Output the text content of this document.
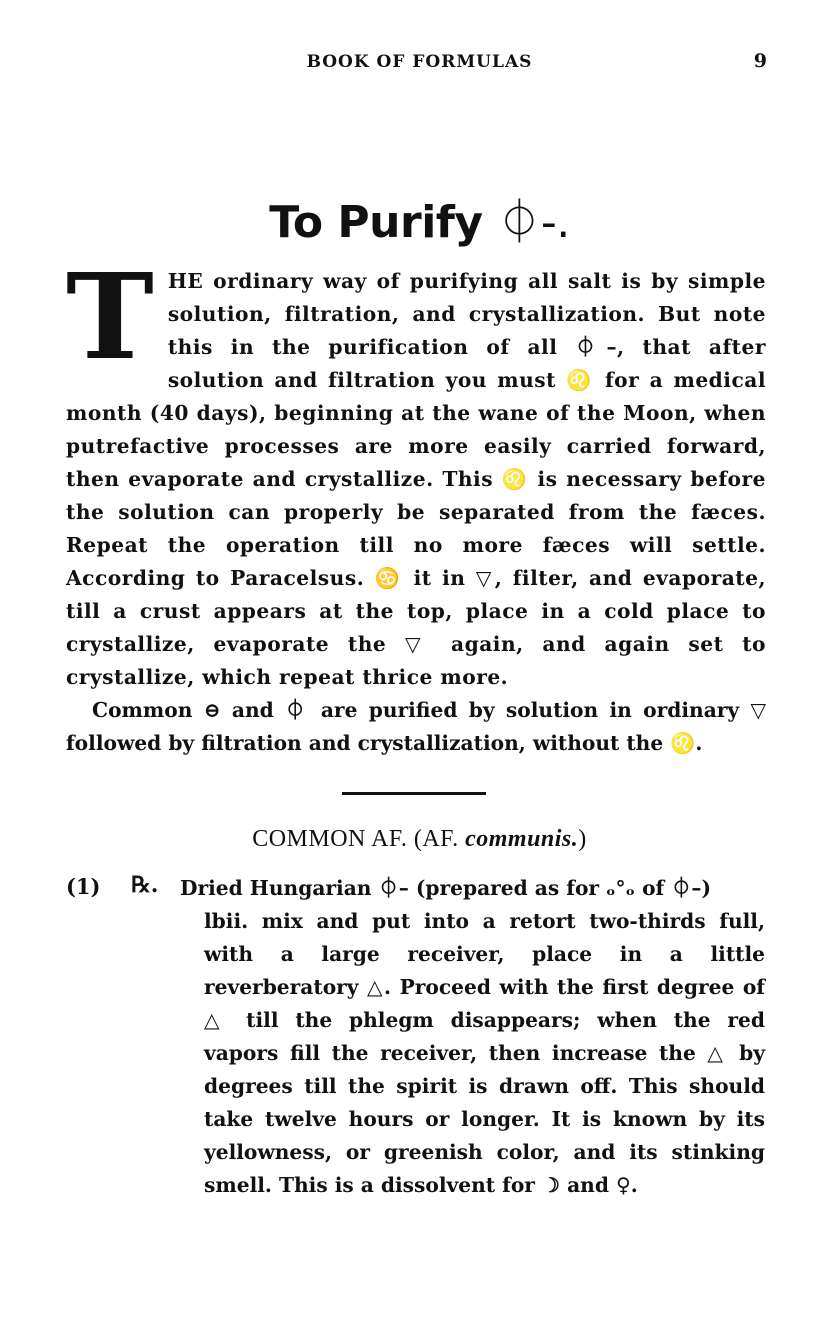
BOOK OF FORMULAS	9
To Purify ⏀-.
T HE ordinary way of purifying all salt is by simple solution, filtration, and crystallization. But note this in the purification of all ⏀–, that after solution and filtration you must ♌ for a medical month (40 days), beginning at the wane of the Moon, when putrefactive processes are more easily carried forward, then evaporate and crystallize. This ♌ is necessary before the solution can properly be separated from the fæces. Repeat the operation till no more fæces will settle. According to Paracelsus. ♋ it in ▽, filter, and evaporate, till a crust appears at the top, place in a cold place to crystallize, evaporate the ▽ again, and again set to crystallize, which repeat thrice more.

Common ⊖ and ⏀ are purified by solution in ordinary ▽ followed by filtration and crystallization, without the ♌.

COMMON AF. (AF. communis.)
(1) ℞. Dried Hungarian ⏀– (prepared as for ₒ°ₒ of ⏀–)
lbii. mix and put into a retort two-thirds full, with a large receiver, place in a little reverberatory △. Proceed with the first degree of △ till the phlegm disappears; when the red vapors fill the receiver, then increase the △ by degrees till the spirit is drawn off. This should take twelve hours or longer. It is known by its yellowness, or greenish color, and its stinking smell. This is a dissolvent for ☽ and ♀.
